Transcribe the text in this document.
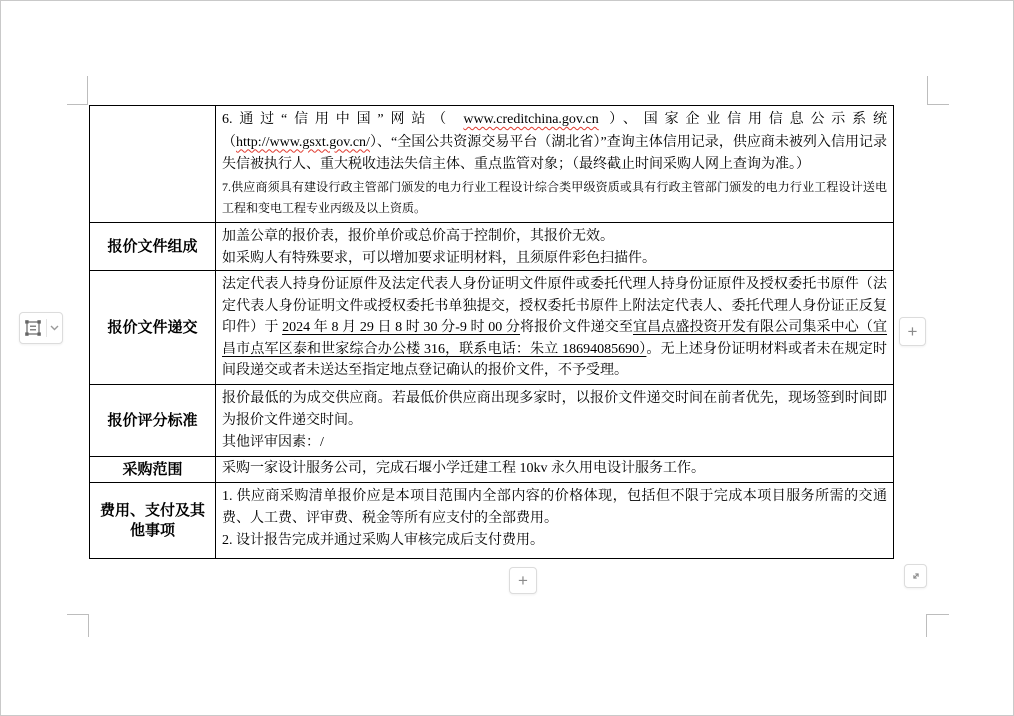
6.通过“信用中国”网站（ www.creditchina.gov.cn ）、国家企业信用信息公示系统（http://www.gsxt.gov.cn/）、“全国公共资源交易平台（湖北省）”查询主体信用记录，供应商未被列入信用记录失信被执行人、重大税收违法失信主体、重点监管对象；（最终截止时间采购人网上查询为准。）

7.供应商须具有建设行政主管部门颁发的电力行业工程设计综合类甲级资质或具有行政主管部门颁发的电力行业工程设计送电工程和变电工程专业丙级及以上资质。

报价文件组成

加盖公章的报价表，报价单价或总价高于控制价，其报价无效。

如采购人有特殊要求，可以增加要求证明材料，且须原件彩色扫描件。

报价文件递交

法定代表人持身份证原件及法定代表人身份证明文件原件或委托代理人持身份证原件及授权委托书原件（法定代表人身份证明文件或授权委托书单独提交，授权委托书原件上附法定代表人、委托代理人身份证正反复印件）于 2024 年 8 月 29 日 8 时 30 分-9 时 00 分将报价文件递交至宜昌点盛投资开发有限公司集采中心（宜昌市点军区泰和世家综合办公楼 316，联系电话：朱立 18694085690）。无上述身份证明材料或者未在规定时间段递交或者未送达至指定地点登记确认的报价文件，不予受理。

报价评分标准

报价最低的为成交供应商。若最低价供应商出现多家时，以报价文件递交时间在前者优先，现场签到时间即为报价文件递交时间。

其他评审因素：/

采购范围	采购一家设计服务公司，完成石堰小学迁建工程 10kv 永久用电设计服务工作。

费用、支付及其他事项

1. 供应商采购清单报价应是本项目范围内全部内容的价格体现，包括但不限于完成本项目服务所需的交通费、人工费、评审费、税金等所有应支付的全部费用。

2. 设计报告完成并通过采购人审核完成后支付费用。

+
+
